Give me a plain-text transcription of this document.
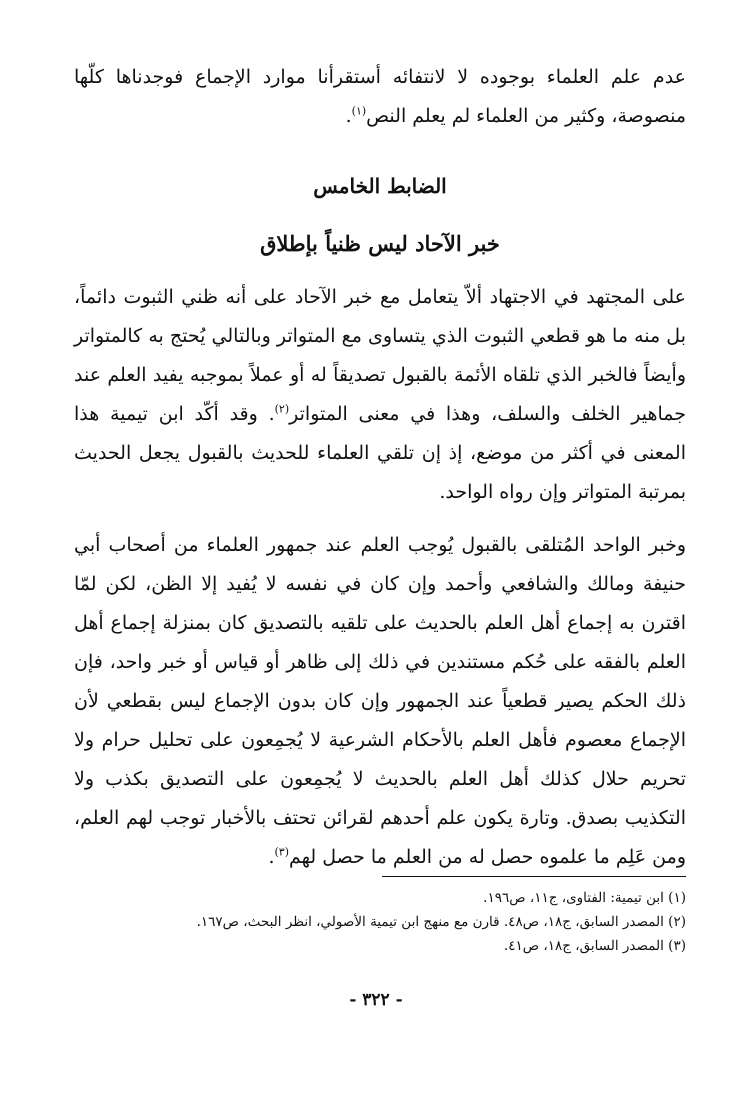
عدم علم العلماء بوجوده لا لانتفائه أستقرأنا موارد الإجماع فوجدناها كلّها منصوصة، وكثير من العلماء لم يعلم النص$^{(١)}$.

الضابط الخامس
خبر الآحاد ليس ظنياً بإطلاق

على المجتهد في الاجتهاد ألاّ يتعامل مع خبر الآحاد على أنه ظني الثبوت دائماً، بل منه ما هو قطعي الثبوت الذي يتساوى مع المتواتر وبالتالي يُحتج به كالمتواتر وأيضاً فالخبر الذي تلقاه الأئمة بالقبول تصديقاً له أو عملاً بموجبه يفيد العلم عند جماهير الخلف والسلف، وهذا في معنى المتواتر$^{(٢)}$. وقد أكّد ابن تيمية هذا المعنى في أكثر من موضع، إذ إن تلقي العلماء للحديث بالقبول يجعل الحديث بمرتبة المتواتر وإن رواه الواحد.

وخبر الواحد المُتلقى بالقبول يُوجب العلم عند جمهور العلماء من أصحاب أبي حنيفة ومالك والشافعي وأحمد وإن كان في نفسه لا يُفيد إلا الظن، لكن لمّا اقترن به إجماع أهل العلم بالحديث على تلقيه بالتصديق كان بمنزلة إجماع أهل العلم بالفقه على حُكم مستندين في ذلك إلى ظاهر أو قياس أو خبر واحد، فإن ذلك الحكم يصير قطعياً عند الجمهور وإن كان بدون الإجماع ليس بقطعي لأن الإجماع معصوم فأهل العلم بالأحكام الشرعية لا يُجمِعون على تحليل حرام ولا تحريم حلال كذلك أهل العلم بالحديث لا يُجمِعون على التصديق بكذب ولا التكذيب بصدق. وتارة يكون علم أحدهم لقرائن تحتف بالأخبار توجب لهم العلم، ومن عَلِم ما علموه حصل له من العلم ما حصل لهم$^{(٣)}$.

(١) ابن تيمية: الفتاوى، ج١١، ص١٩٦.

(٢) المصدر السابق، ج١٨، ص٤٨. قارن مع منهج ابن تيمية الأصولي، انظر البحث، ص١٦٧.

(٣) المصدر السابق، ج١٨، ص٤١.

- ٣٢٢ -
